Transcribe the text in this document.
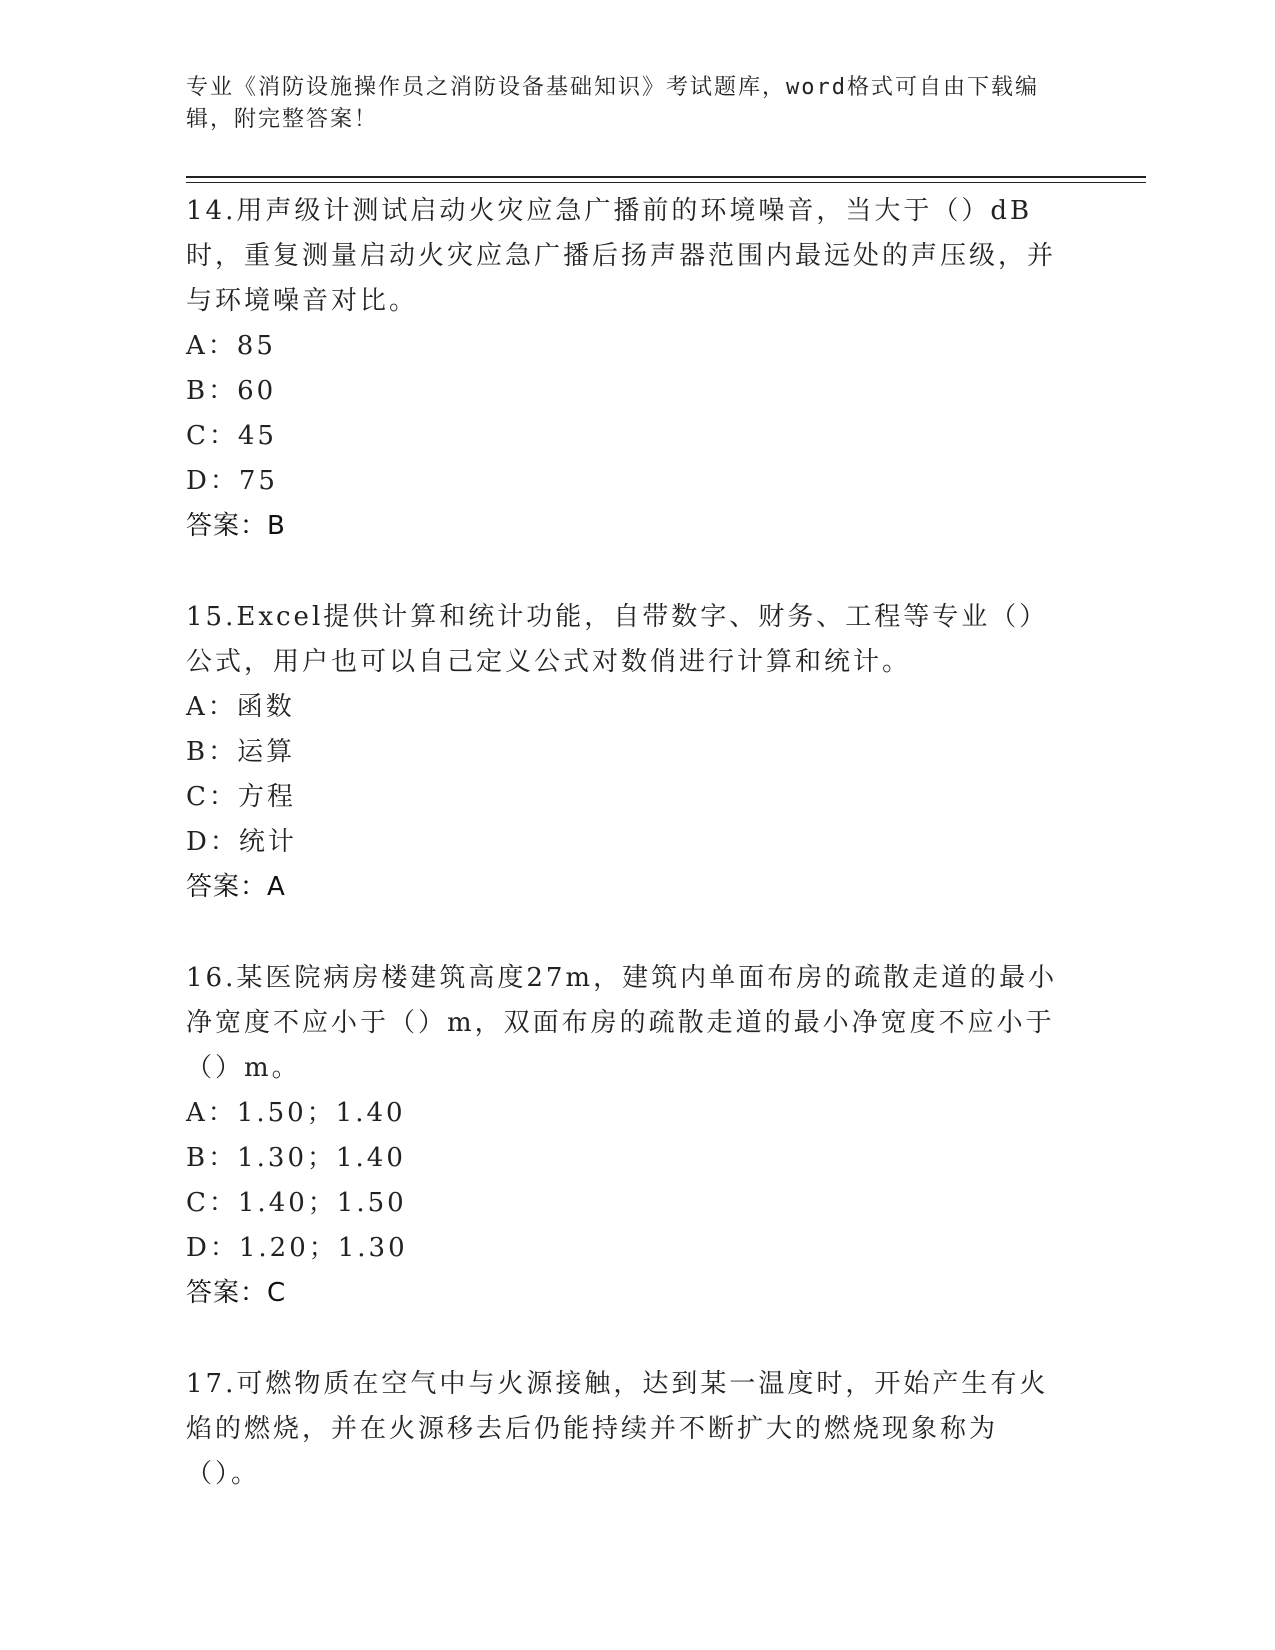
专业《消防设施操作员之消防设备基础知识》考试题库，word格式可自由下载编辑，附完整答案！
14.用声级计测试启动火灾应急广播前的环境噪音，当大于（）dB时，重复测量启动火灾应急广播后扬声器范围内最远处的声压级，并与环境噪音对比。
A：85
B：60
C：45
D：75
答案：B
15.Excel提供计算和统计功能，自带数字、财务、工程等专业（）公式，用户也可以自己定义公式对数俏进行计算和统计。
A：函数
B：运算
C：方程
D：统计
答案：A
16.某医院病房楼建筑高度27m，建筑内单面布房的疏散走道的最小净宽度不应小于（）m，双面布房的疏散走道的最小净宽度不应小于（）m。
A：1.50；1.40
B：1.30；1.40
C：1.40；1.50
D：1.20；1.30
答案：C
17.可燃物质在空气中与火源接触，达到某一温度时，开始产生有火焰的燃烧，并在火源移去后仍能持续并不断扩大的燃烧现象称为（）。
